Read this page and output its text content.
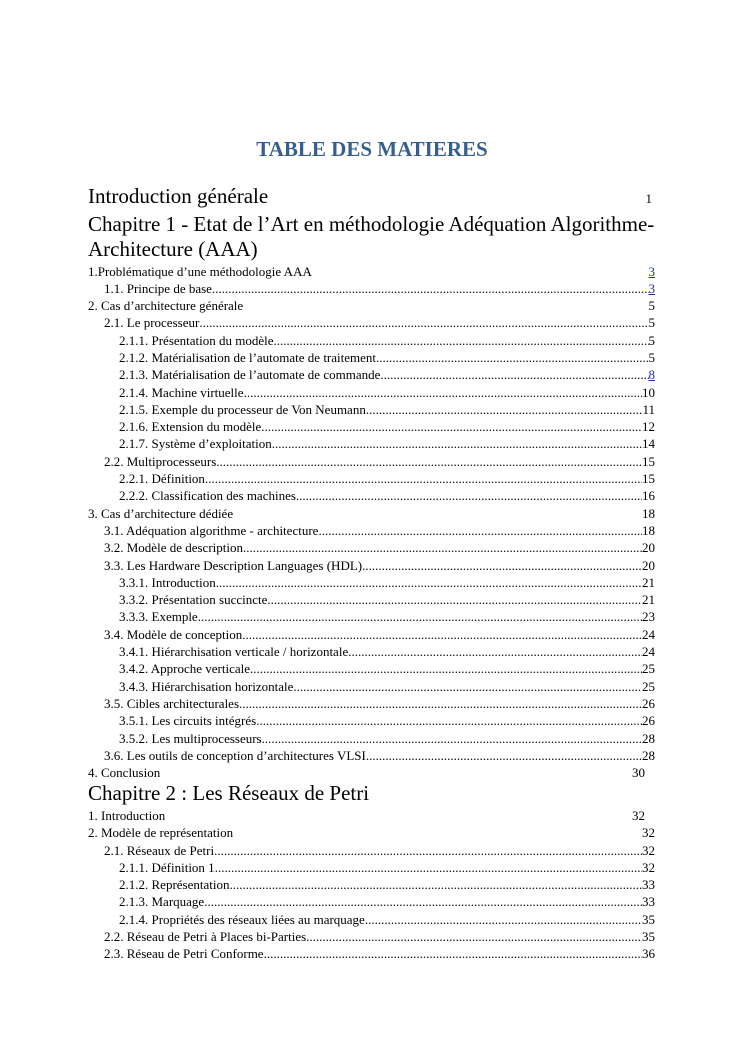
TABLE DES MATIERES
Introduction générale	1
Chapitre 1 - Etat de l’Art en méthodologie Adéquation Algorithme-Architecture (AAA)
1.Problématique d’une méthodologie AAA	3
1.1. Principe de base .....	3
2. Cas d’architecture générale	5
2.1. Le processeur .....	5
2.1.1. Présentation du modèle .....	5
2.1.2. Matérialisation de l’automate de traitement .....	5
2.1.3. Matérialisation de l’automate de commande .....	8
2.1.4. Machine virtuelle .....	10
2.1.5. Exemple du processeur de Von Neumann .....	11
2.1.6. Extension du modèle .....	12
2.1.7. Système d’exploitation .....	14
2.2. Multiprocesseurs .....	15
2.2.1. Définition .....	15
2.2.2. Classification des machines .....	16
3. Cas d’architecture dédiée	18
3.1. Adéquation algorithme - architecture .....	18
3.2. Modèle de description .....	20
3.3. Les Hardware Description Languages (HDL) .....	20
3.3.1. Introduction .....	21
3.3.2. Présentation succincte .....	21
3.3.3. Exemple .....	23
3.4. Modèle de conception .....	24
3.4.1. Hiérarchisation verticale / horizontale .....	24
3.4.2. Approche verticale .....	25
3.4.3. Hiérarchisation horizontale .....	25
3.5. Cibles architecturales .....	26
3.5.1. Les circuits intégrés .....	26
3.5.2. Les multiprocesseurs .....	28
3.6. Les outils de conception d’architectures VLSI .....	28
4. Conclusion	30
Chapitre 2 : Les Réseaux de Petri
1. Introduction	32
2. Modèle de représentation	32
2.1. Réseaux de Petri .....	32
2.1.1. Définition 1 .....	32
2.1.2. Représentation .....	33
2.1.3. Marquage .....	33
2.1.4. Propriétés des réseaux liées au marquage .....	35
2.2. Réseau de Petri à Places bi-Parties .....	35
2.3. Réseau de Petri Conforme .....	36
